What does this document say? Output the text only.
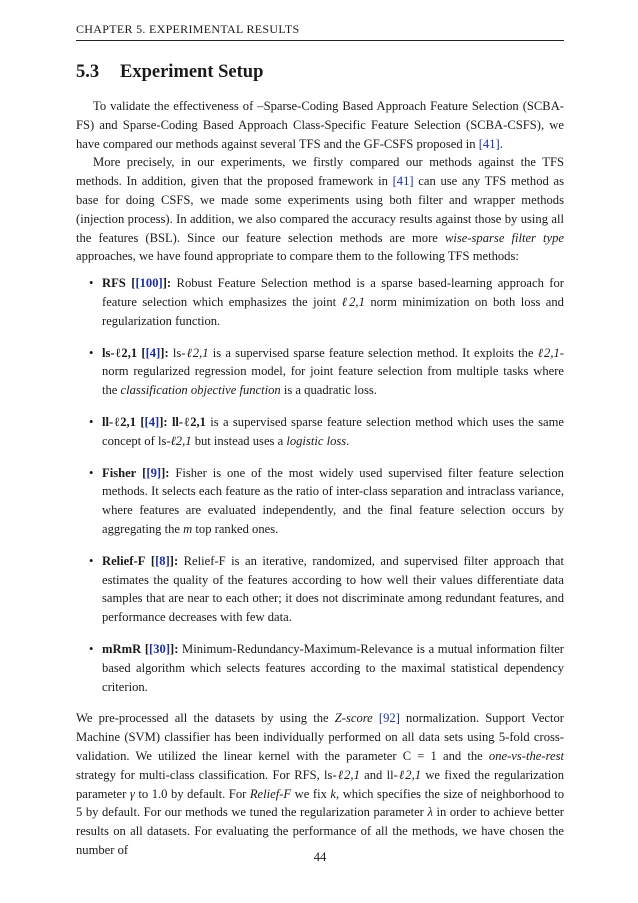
CHAPTER 5. EXPERIMENTAL RESULTS
5.3 Experiment Setup

To validate the effectiveness of –Sparse-Coding Based Approach Feature Selection (SCBA-FS) and Sparse-Coding Based Approach Class-Specific Feature Selection (SCBA-CSFS), we have compared our methods against several TFS and the GF-CSFS proposed in [41].

More precisely, in our experiments, we firstly compared our methods against the TFS methods. In addition, given that the proposed framework in [41] can use any TFS method as base for doing CSFS, we made some experiments using both filter and wrapper methods (injection process). In addition, we also compared the accuracy results against those by using all the features (BSL). Since our feature selection methods are more wise-sparse filter type approaches, we have found appropriate to compare them to the following TFS methods:

• RFS [[100]]: Robust Feature Selection method is a sparse based-learning approach for feature selection which emphasizes the joint ℓ2,1 norm minimization on both loss and regularization function.
• ls-ℓ2,1 [[4]]: ls-ℓ2,1 is a supervised sparse feature selection method. It exploits the ℓ2,1-norm regularized regression model, for joint feature selection from multiple tasks where the classification objective function is a quadratic loss.
• ll-ℓ2,1 [[4]]: ll-ℓ2,1 is a supervised sparse feature selection method which uses the same concept of ls-ℓ2,1 but instead uses a logistic loss.
• Fisher [[9]]: Fisher is one of the most widely used supervised filter feature selection methods. It selects each feature as the ratio of inter-class separation and intraclass variance, where features are evaluated independently, and the final feature selection occurs by aggregating the m top ranked ones.
• Relief-F [[8]]: Relief-F is an iterative, randomized, and supervised filter approach that estimates the quality of the features according to how well their values differentiate data samples that are near to each other; it does not discriminate among redundant features, and performance decreases with few data.
• mRmR [[30]]: Minimum-Redundancy-Maximum-Relevance is a mutual information filter based algorithm which selects features according to the maximal statistical dependency criterion.

We pre-processed all the datasets by using the Z-score [92] normalization. Support Vector Machine (SVM) classifier has been individually performed on all data sets using 5-fold cross-validation. We utilized the linear kernel with the parameter C = 1 and the one-vs-the-rest strategy for multi-class classification. For RFS, ls-ℓ2,1 and ll-ℓ2,1 we fixed the regularization parameter γ to 1.0 by default. For Relief-F we fix k, which specifies the size of neighborhood to 5 by default. For our methods we tuned the regularization parameter λ in order to achieve better results on all datasets. For evaluating the performance of all the methods, we have chosen the number of

44
